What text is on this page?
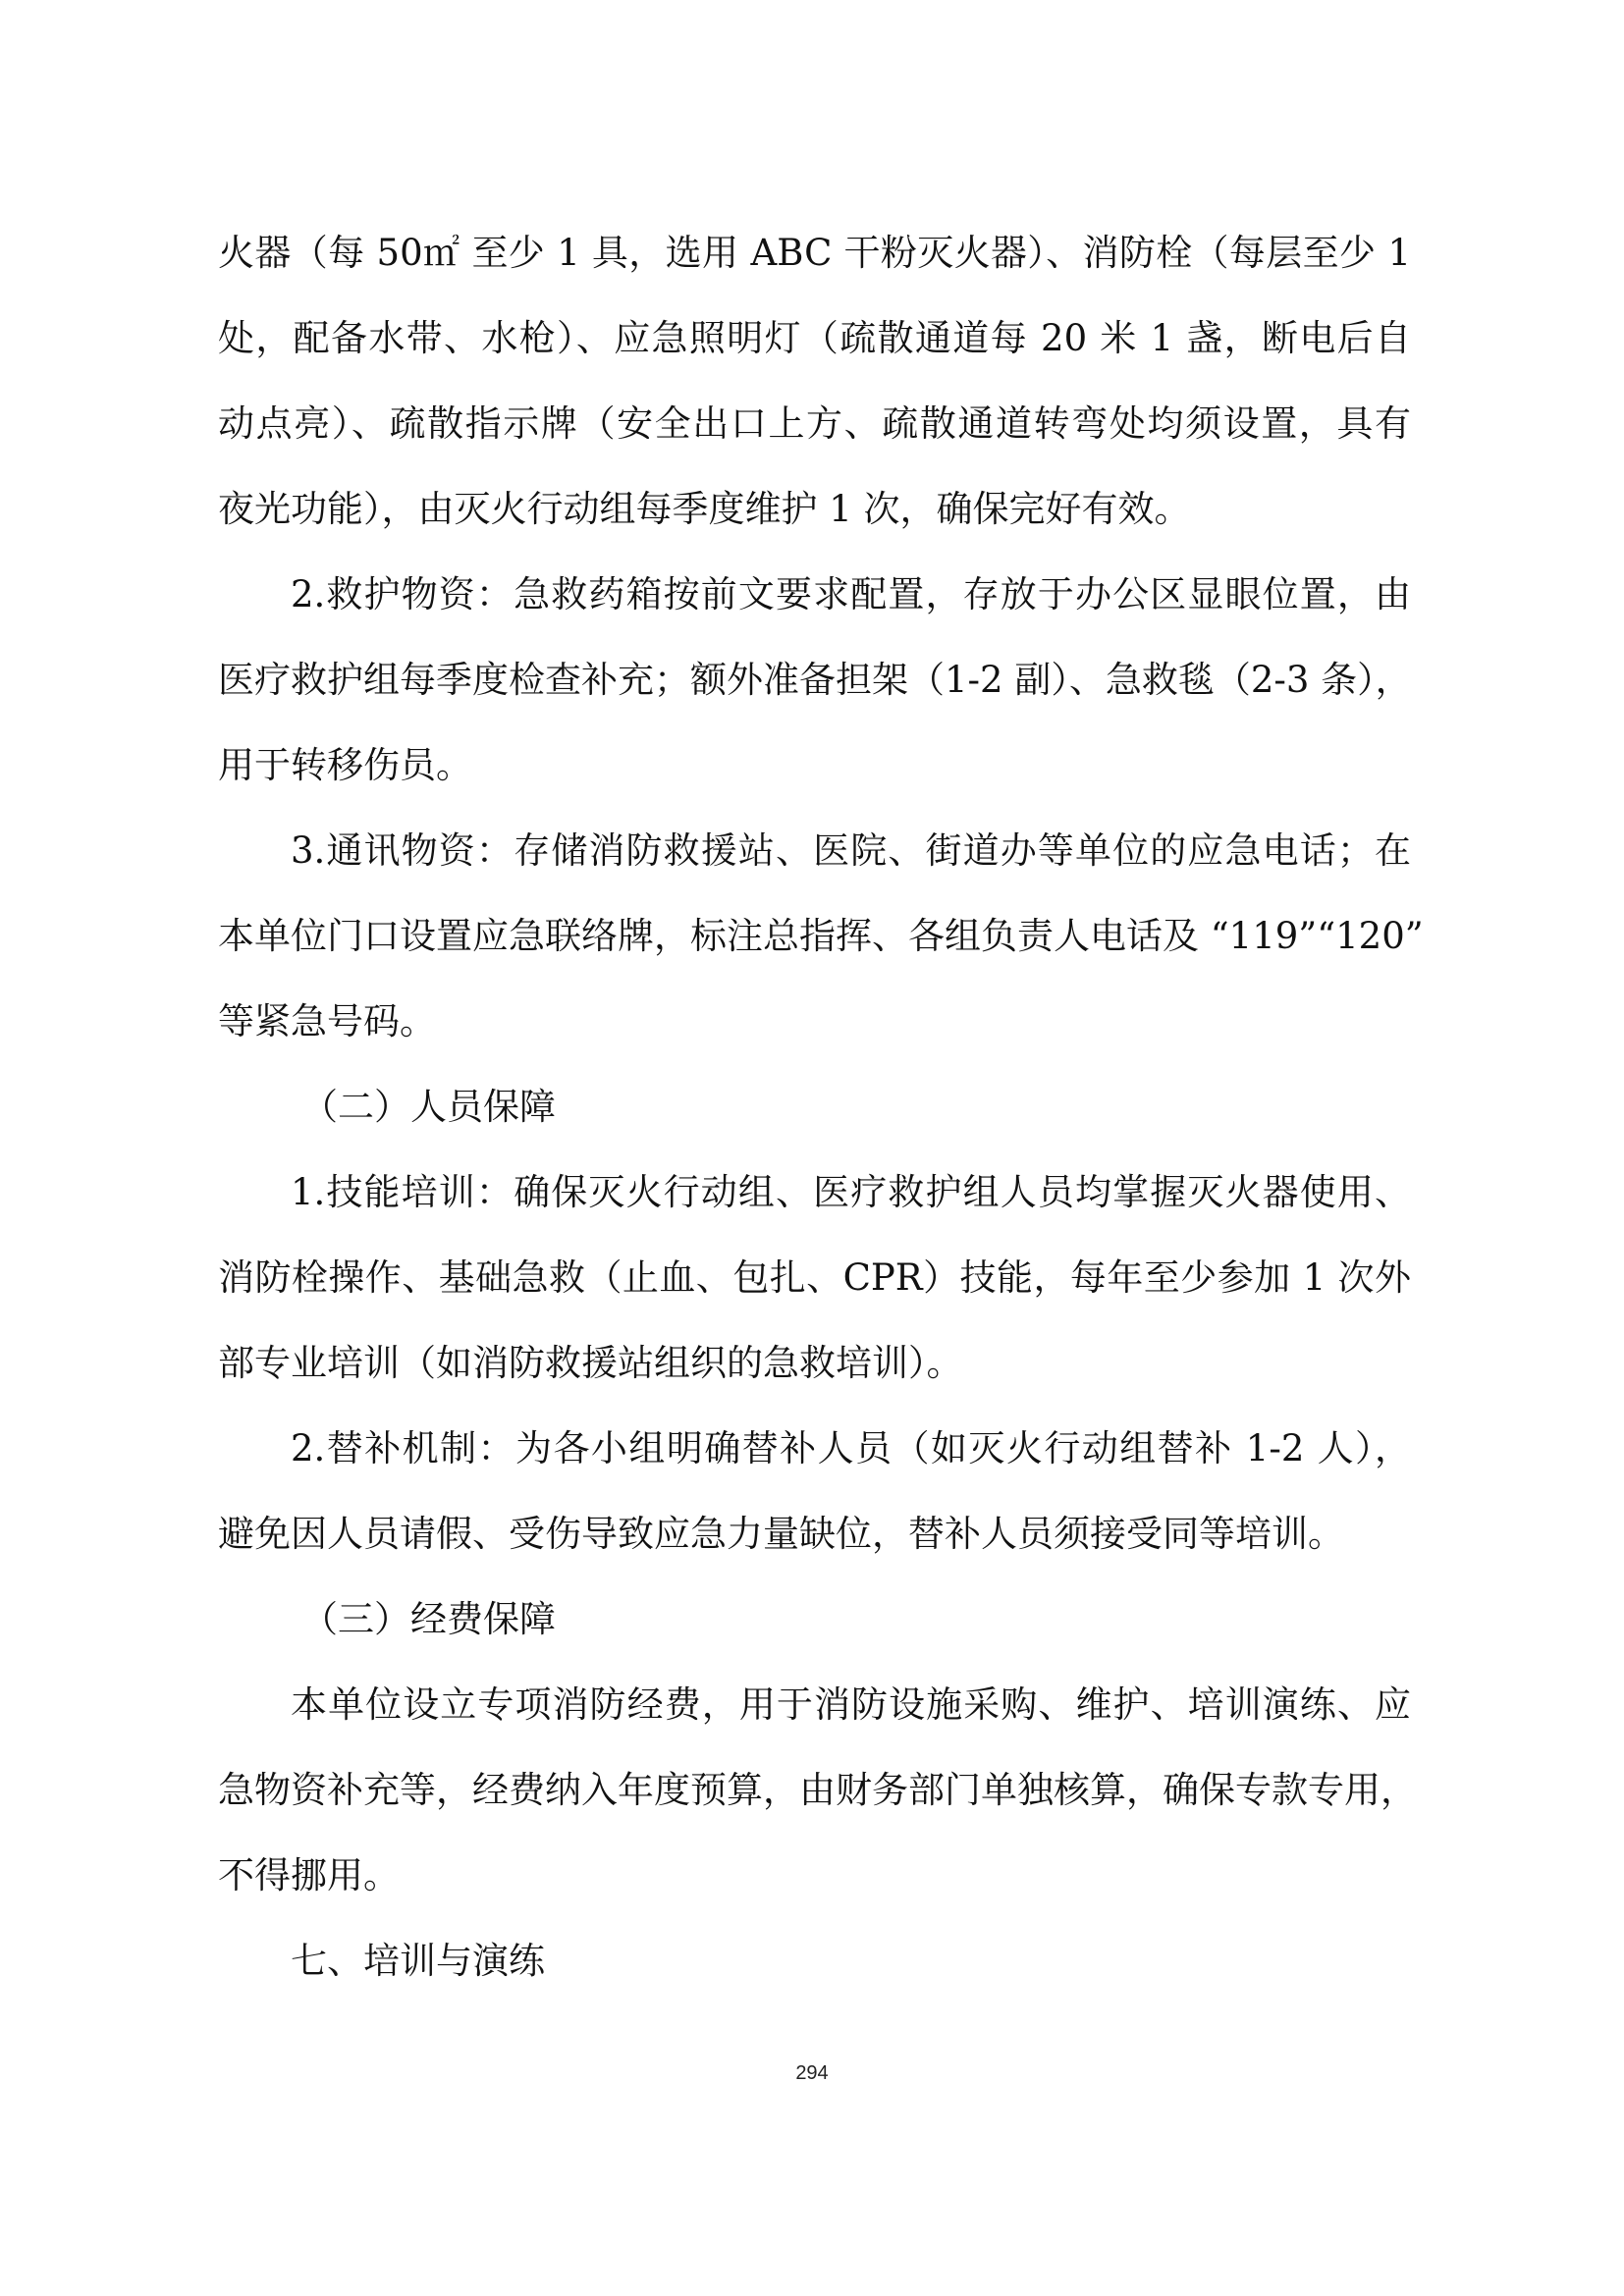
火器（每 50㎡ 至少 1 具，选用 ABC 干粉灭火器）、消防栓（每层至少 1
处，配备水带、水枪）、应急照明灯（疏散通道每 20 米 1 盏，断电后自
动点亮）、疏散指示牌（安全出口上方、疏散通道转弯处均须设置，具有
夜光功能），由灭火行动组每季度维护 1 次，确保完好有效。
2.救护物资：急救药箱按前文要求配置，存放于办公区显眼位置，由
医疗救护组每季度检查补充；额外准备担架（1-2 副）、急救毯（2-3 条），
用于转移伤员。
3.通讯物资：存储消防救援站、医院、街道办等单位的应急电话；在
本单位门口设置应急联络牌，标注总指挥、各组负责人电话及 “119”“120”
等紧急号码。
（二）人员保障
1.技能培训：确保灭火行动组、医疗救护组人员均掌握灭火器使用、
消防栓操作、基础急救（止血、包扎、CPR）技能，每年至少参加 1 次外
部专业培训（如消防救援站组织的急救培训）。
2.替补机制：为各小组明确替补人员（如灭火行动组替补 1-2 人），
避免因人员请假、受伤导致应急力量缺位，替补人员须接受同等培训。
（三）经费保障
本单位设立专项消防经费，用于消防设施采购、维护、培训演练、应
急物资补充等，经费纳入年度预算，由财务部门单独核算，确保专款专用，
不得挪用。
七、培训与演练
294
